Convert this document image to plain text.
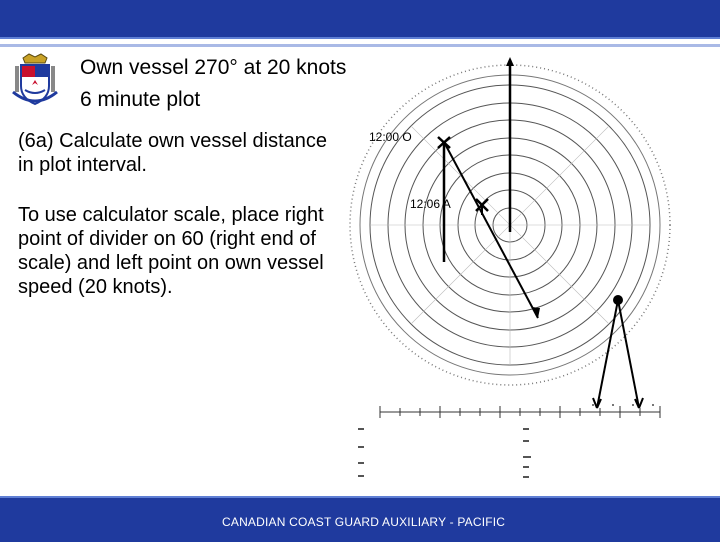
Own vessel 270° at 20 knots
6 minute plot
(6a) Calculate own vessel distance in plot interval.
To use calculator scale, place right point of divider on 60 (right end of scale) and left point on own vessel speed (20 knots).
12:00 O
12:06 A
CANADIAN COAST GUARD AUXILIARY - PACIFIC
